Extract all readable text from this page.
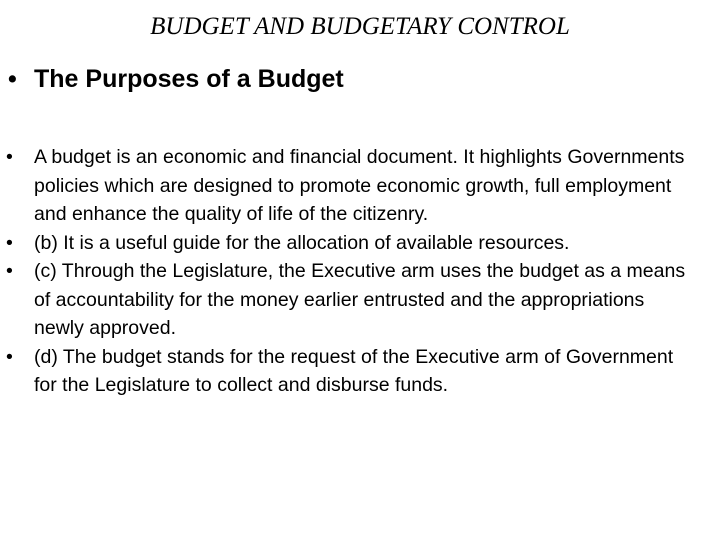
BUDGET AND BUDGETARY CONTROL
• The Purposes of a Budget
•	A budget is an economic and financial document. It highlights Governments policies which are designed to promote economic growth, full employment and enhance the quality of life of the citizenry.
•	(b) It is a useful guide for the allocation of available resources.
•	(c) Through the Legislature, the Executive arm uses the budget as a means of accountability for the money earlier entrusted and the appropriations newly approved.
•	(d) The budget stands for the request of the Executive arm of Government for the Legislature to collect and disburse funds.
